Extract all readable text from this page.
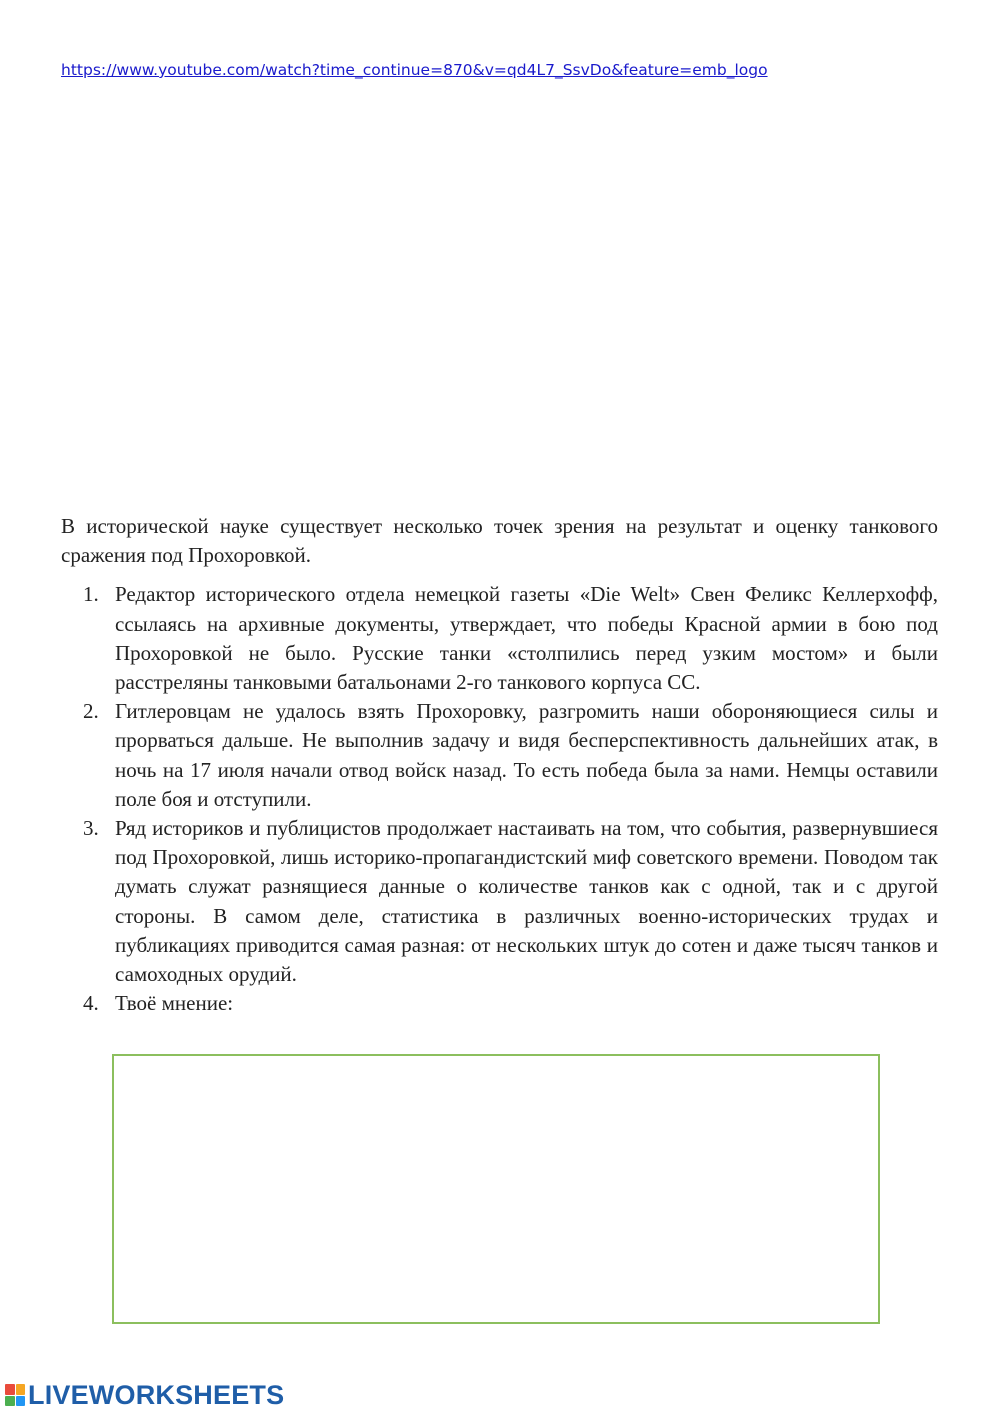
https://www.youtube.com/watch?time_continue=870&v=qd4L7_SsvDo&feature=emb_logo

В исторической науке существует несколько точек зрения на результат и оценку танкового сражения под Прохоровкой.

1. Редактор исторического отдела немецкой газеты «Die Welt» Свен Феликс Келлерхофф, ссылаясь на архивные документы, утверждает, что победы Красной армии в бою под Прохоровкой не было. Русские танки «столпились перед узким мостом» и были расстреляны танковыми батальонами 2-го танкового корпуса СС.
2. Гитлеровцам не удалось взять Прохоровку, разгромить наши обороняющиеся силы и прорваться дальше. Не выполнив задачу и видя бесперспективность дальнейших атак, в ночь на 17 июля начали отвод войск назад. То есть победа была за нами. Немцы оставили поле боя и отступили.
3. Ряд историков и публицистов продолжает настаивать на том, что события, развернувшиеся под Прохоровкой, лишь историко-пропагандистский миф советского времени. Поводом так думать служат разнящиеся данные о количестве танков как с одной, так и с другой стороны. В самом деле, статистика в различных военно-исторических трудах и публикациях приводится самая разная: от нескольких штук до сотен и даже тысяч танков и самоходных орудий.
4. Твоё мнение:
LIVEWORKSHEETS
